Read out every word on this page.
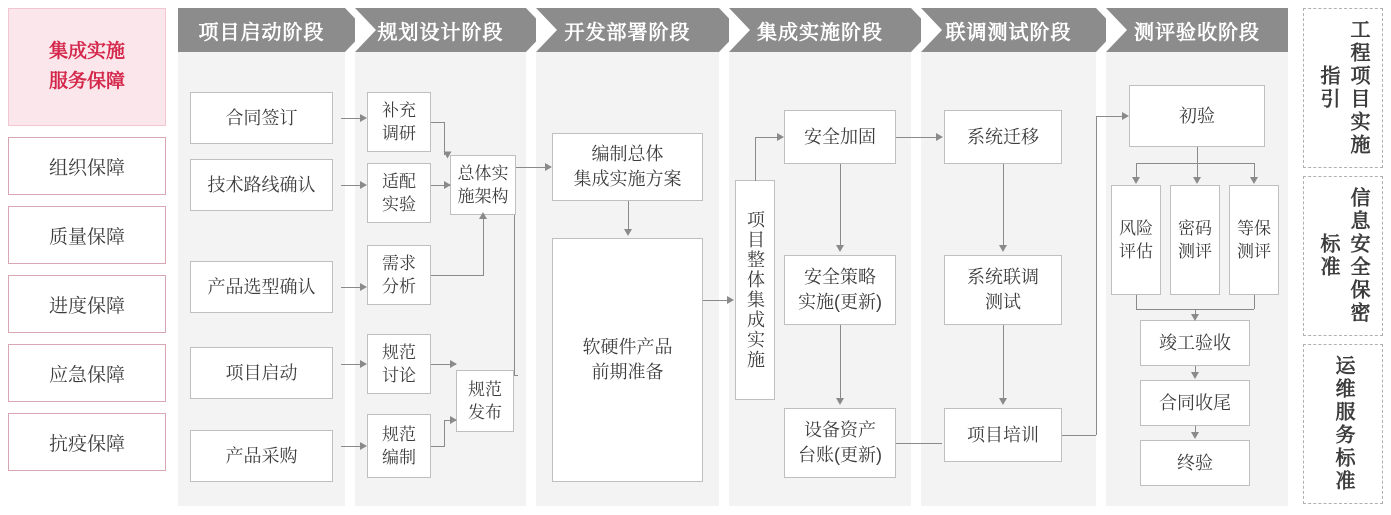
集成实施
服务保障
组织保障
质量保障
进度保障
应急保障
抗疫保障
项目启动阶段	规划设计阶段	开发部署阶段	集成实施阶段	联调测试阶段	测评验收阶段
合同签订
技术路线确认
产品选型确认
项目启动
产品采购
补充
调研
适配
实验
需求
分析
规范
讨论
规范
编制
总体实
施架构
规范
发布
编制总体
集成实施方案
软硬件产品
前期准备
项目整体集成实施
安全加固
安全策略
实施(更新)
设备资产
台账(更新)
系统迁移
系统联调
测试
项目培训
初验
风险
评估
密码
测评
等保
测评
竣工验收
合同收尾
终验
工程项目实施指引
信息安全保密标准
运维服务标准
